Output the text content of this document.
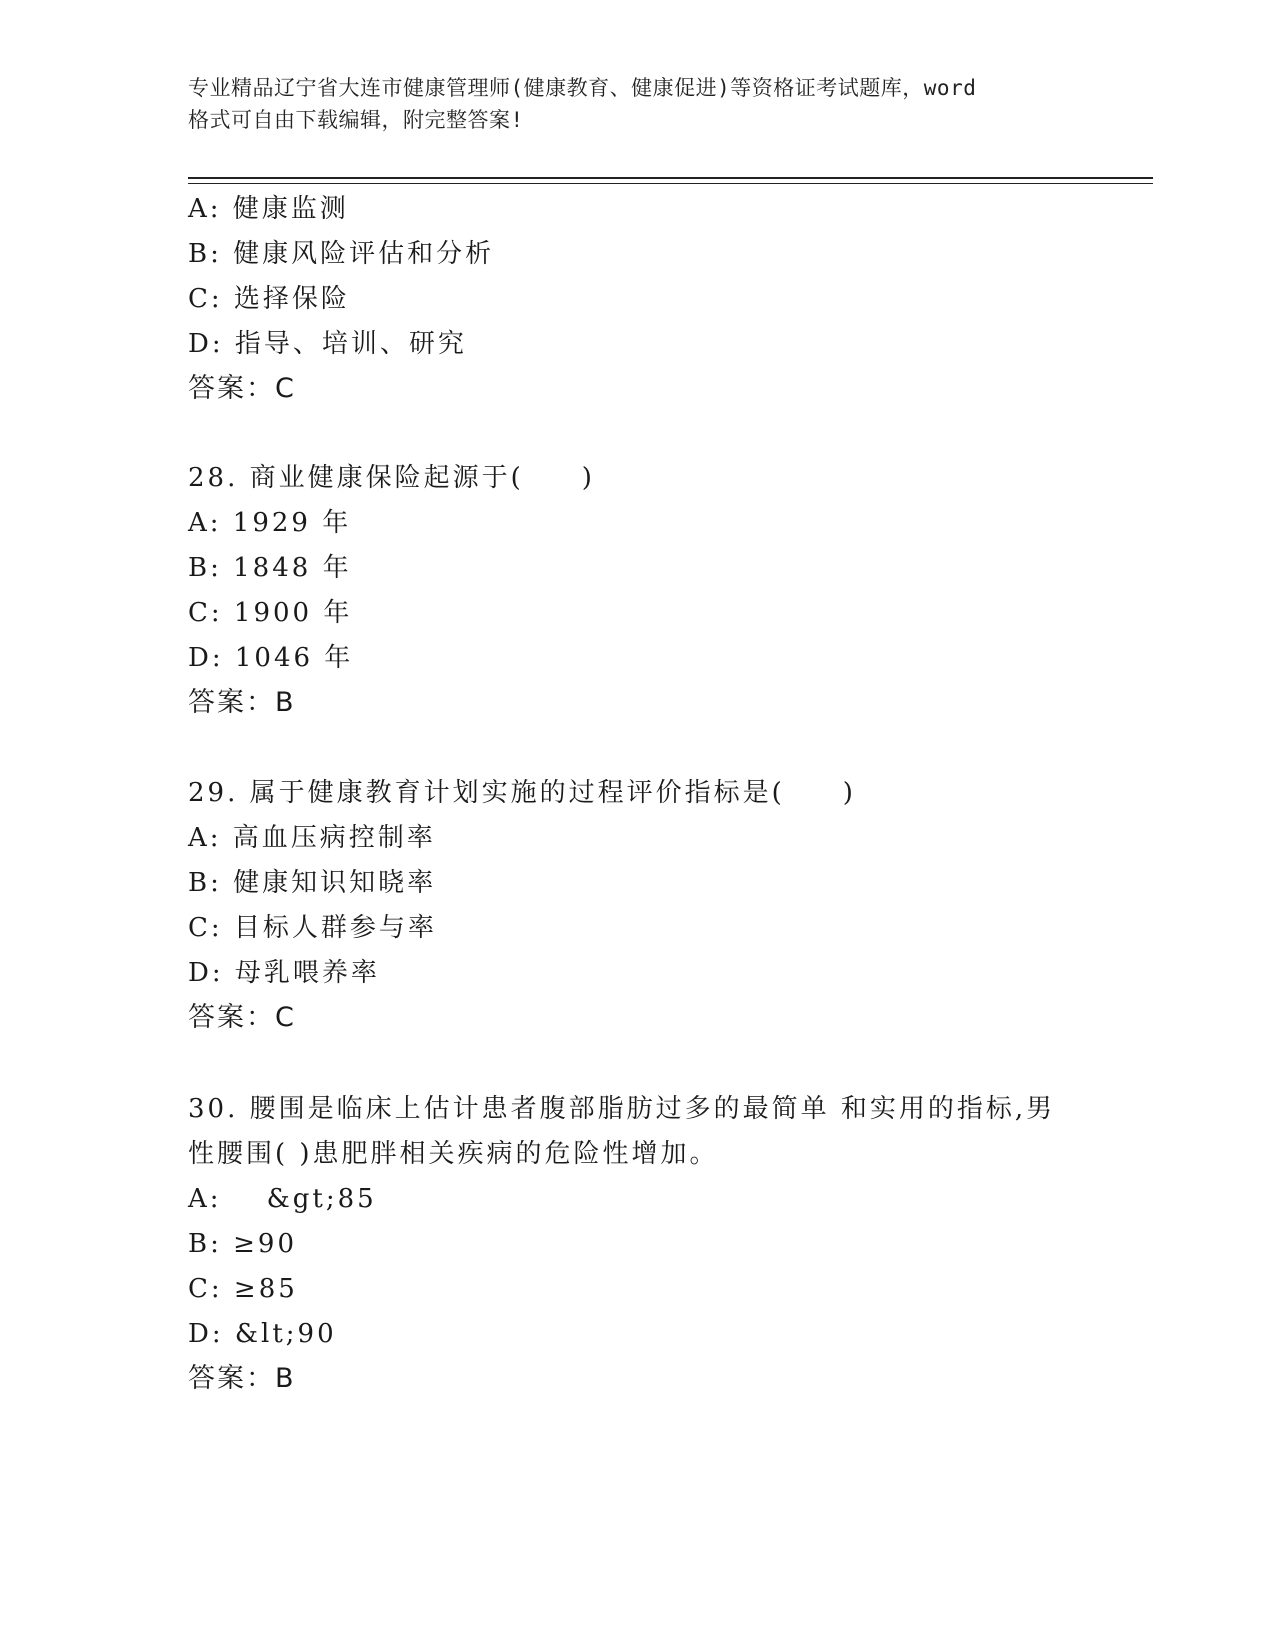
专业精品辽宁省大连市健康管理师(健康教育、健康促进)等资格证考试题库，word
格式可自由下载编辑，附完整答案!
A: 健康监测
B: 健康风险评估和分析
C: 选择保险
D: 指导、培训、研究
答案：C
28. 商业健康保险起源于(　　)
A: 1929 年
B: 1848 年
C: 1900 年
D: 1046 年
答案：B
29. 属于健康教育计划实施的过程评价指标是(　　)
A: 高血压病控制率
B: 健康知识知晓率
C: 目标人群参与率
D: 母乳喂养率
答案：C
30. 腰围是临床上估计患者腹部脂肪过多的最简单 和实用的指标,男
性腰围( )患肥胖相关疾病的危险性增加。
A:    &gt;85
B: ≥90
C: ≥85
D: &lt;90
答案：B
